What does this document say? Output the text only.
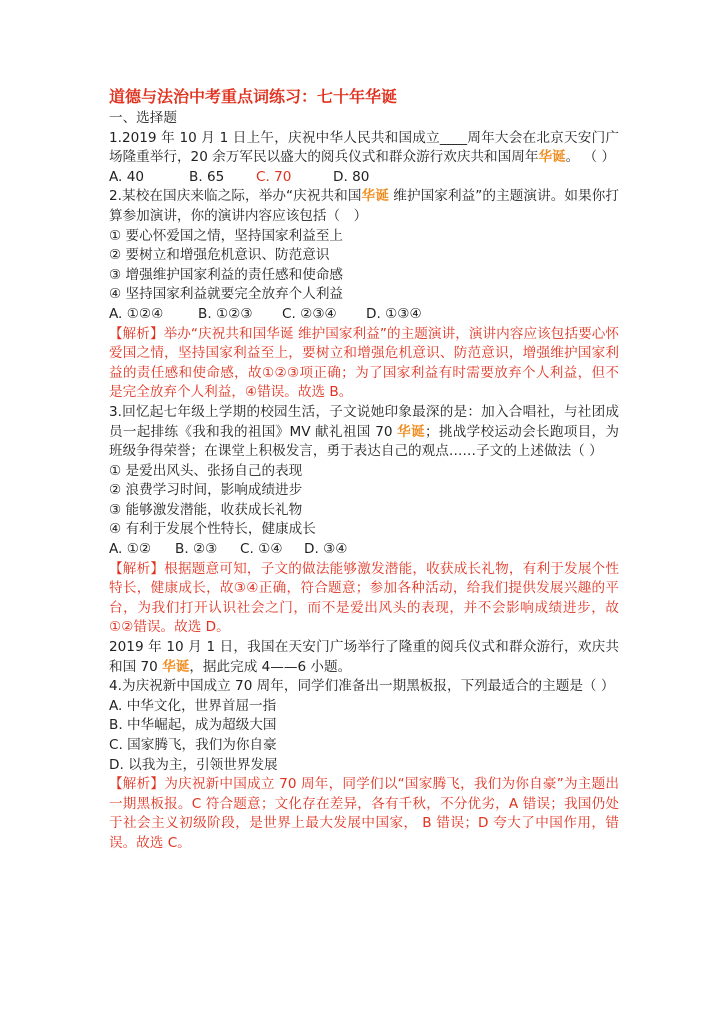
道德与法治中考重点词练习：七十年华诞
一、选择题
1.2019 年 10 月 1 日上午，庆祝中华人民共和国成立____周年大会在北京天安门广场隆重举行，20 余万军民以盛大的阅兵仪式和群众游行欢庆共和国周年华诞。 （ ）
A. 40	B. 65 C. 70	D. 80
2.某校在国庆来临之际，举办“庆祝共和国华诞 维护国家利益”的主题演讲。如果你打算参加演讲，你的演讲内容应该包括（　）
① 要心怀爱国之情，坚持国家利益至上
② 要树立和增强危机意识、防范意识
③ 增强维护国家利益的责任感和使命感
④ 坚持国家利益就要完全放弃个人利益
A. ①②④	B. ①②③ C. ②③④ D. ①③④
【解析】举办“庆祝共和国华诞 维护国家利益”的主题演讲，演讲内容应该包括要心怀爱国之情，坚持国家利益至上，要树立和增强危机意识、防范意识，增强维护国家利益的责任感和使命感，故①②③项正确；为了国家利益有时需要放弃个人利益，但不是完全放弃个人利益，④错误。故选 B。
3.回忆起七年级上学期的校园生活，子文说她印象最深的是：加入合唱社，与社团成员一起排练《我和我的祖国》MV 献礼祖国 70 华诞；挑战学校运动会长跑项目，为班级争得荣誉；在课堂上积极发言，勇于表达自己的观点……子文的上述做法（ ）
① 是爱出风头、张扬自己的表现
② 浪费学习时间，影响成绩进步
③ 能够激发潜能，收获成长礼物
④ 有利于发展个性特长，健康成长
A. ①② B. ②③ C. ①④ D. ③④
【解析】根据题意可知，子文的做法能够激发潜能，收获成长礼物，有利于发展个性特长，健康成长，故③④正确，符合题意；参加各种活动，给我们提供发展兴趣的平台，为我们打开认识社会之门，而不是爱出风头的表现，并不会影响成绩进步，故①②错误。故选 D。
2019 年 10 月 1 日，我国在天安门广场举行了隆重的阅兵仪式和群众游行，欢庆共和国 70 华诞，据此完成 4——6 小题。
4.为庆祝新中国成立 70 周年，同学们准备出一期黑板报，下列最适合的主题是（ ）
A. 中华文化，世界首屈一指
B. 中华崛起，成为超级大国
C. 国家腾飞，我们为你自豪
D. 以我为主，引领世界发展
【解析】为庆祝新中国成立 70 周年，同学们以“国家腾飞，我们为你自豪”为主题出一期黑板报。C 符合题意；文化存在差异，各有千秋，不分优劣，A 错误；我国仍处于社会主义初级阶段，是世界上最大发展中国家， B 错误；D 夸大了中国作用，错误。故选 C。
